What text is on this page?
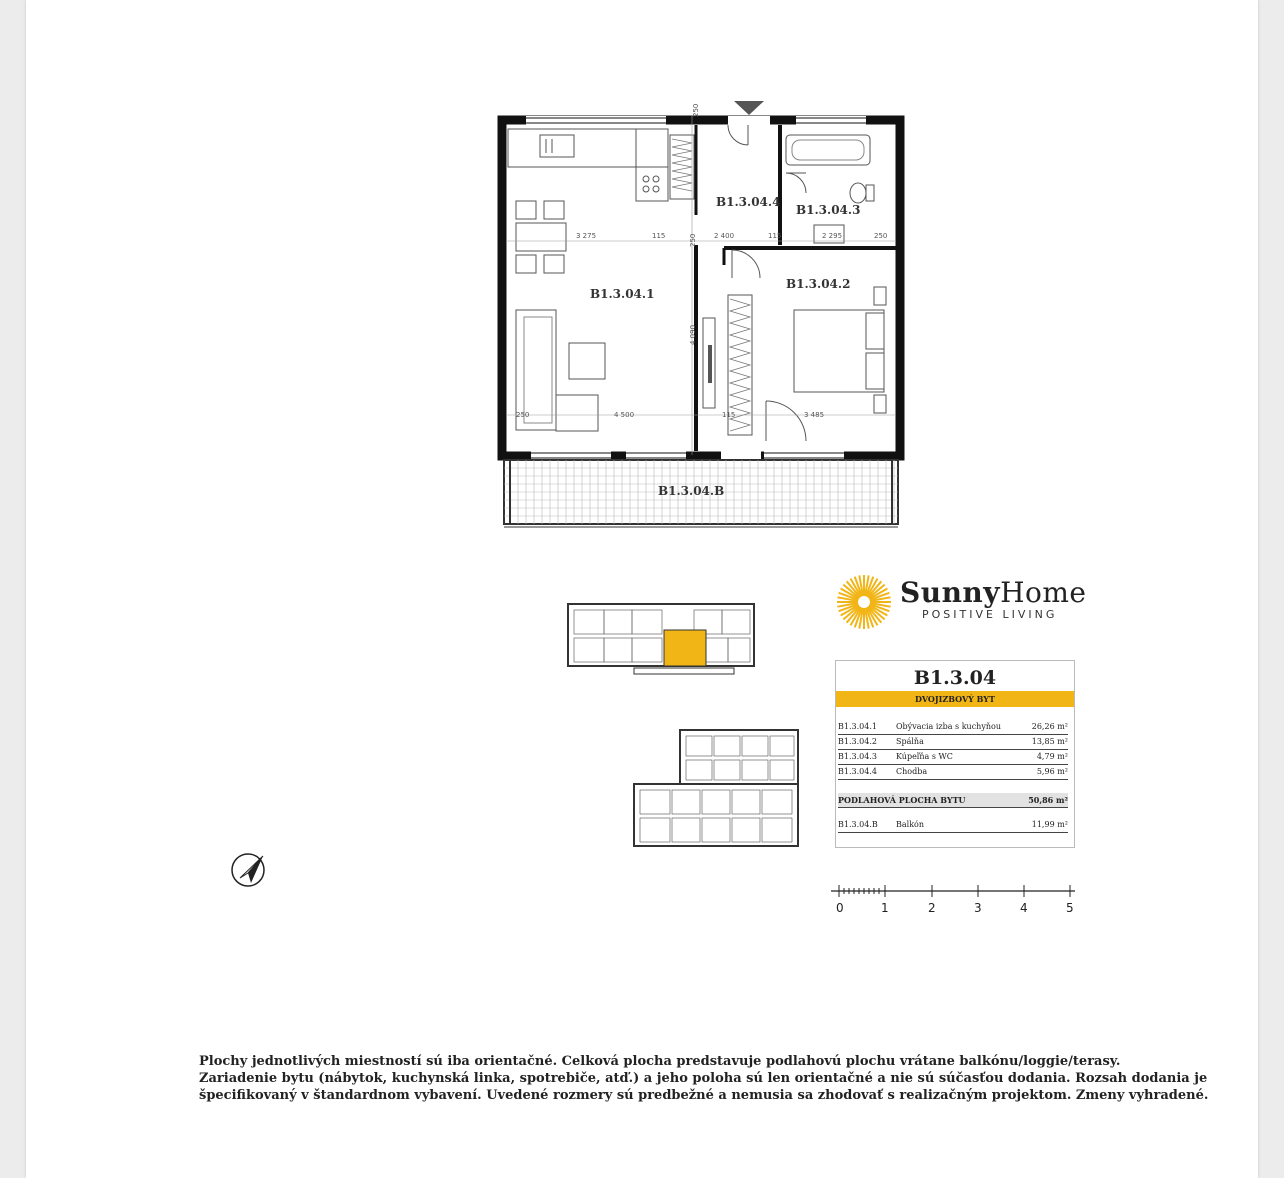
B1.3.04.1
B1.3.04.2
B1.3.04.3
B1.3.04.4
B1.3.04.B
3 275	115	2 400	115	2 295	250
4 500	3 485
4 090
250
250
250
115
SunnyHome
POSITIVE LIVING
B1.3.04
DVOJIZBOVÝ BYT
B1.3.04.1 Obývacia izba s kuchyňou	26,26 m²
B1.3.04.2 Spálňa	13,85 m²
B1.3.04.3 Kúpeľňa s WC	4,79 m²
B1.3.04.4 Chodba	5,96 m²
PODLAHOVÁ PLOCHA BYTU	50,86 m²
B1.3.04.B Balkón	11,99 m²
0	1	2	3	4	5
Plochy jednotlivých miestností sú iba orientačné. Celková plocha predstavuje podlahovú plochu vrátane balkónu/loggie/terasy.
Zariadenie bytu (nábytok, kuchynská linka, spotrebiče, atď.) a jeho poloha sú len orientačné a nie sú súčasťou dodania. Rozsah dodania je
špecifikovaný v štandardnom vybavení. Uvedené rozmery sú predbežné a nemusia sa zhodovať s realizačným projektom. Zmeny vyhradené.
